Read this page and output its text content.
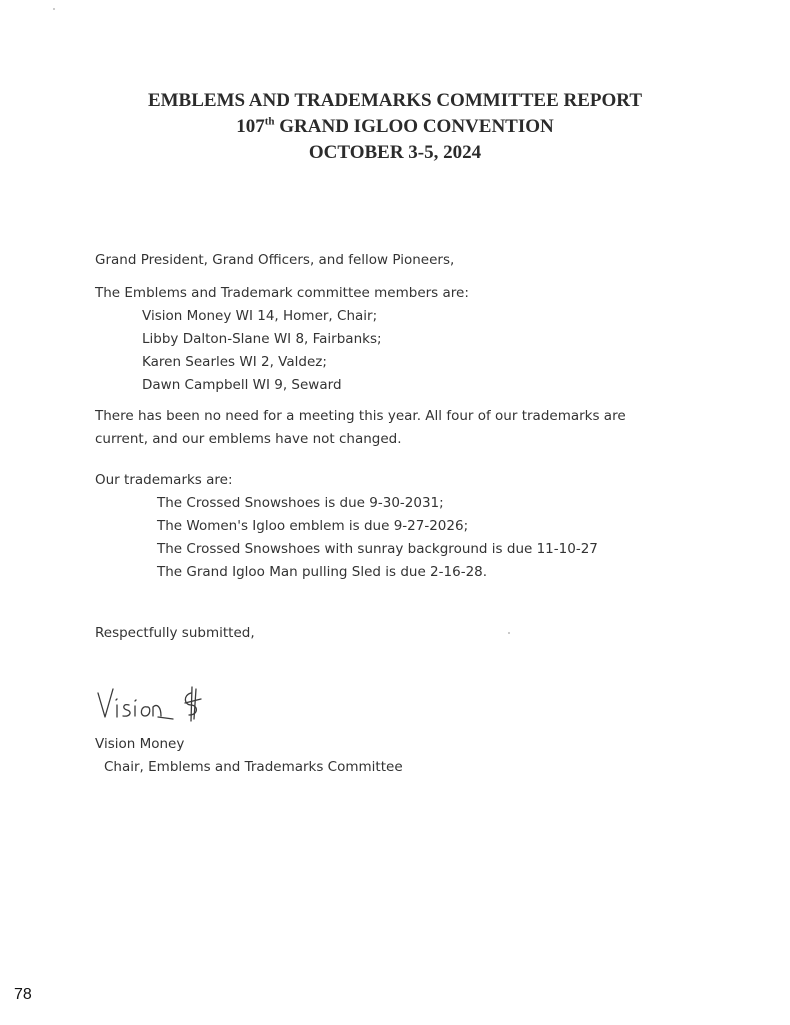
EMBLEMS AND TRADEMARKS COMMITTEE REPORT
107th GRAND IGLOO CONVENTION
OCTOBER 3-5, 2024

Grand President, Grand Officers, and fellow Pioneers,

The Emblems and Trademark committee members are:

Vision Money WI 14, Homer, Chair;

Libby Dalton-Slane WI 8, Fairbanks;

Karen Searles WI 2, Valdez;

Dawn Campbell WI 9, Seward

There has been no need for a meeting this year. All four of our trademarks are

current, and our emblems have not changed.

Our trademarks are:

The Crossed Snowshoes is due 9-30-2031;

The Women's Igloo emblem is due 9-27-2026;

The Crossed Snowshoes with sunray background is due 11-10-27

The Grand Igloo Man pulling Sled is due 2-16-28.

Respectfully submitted,

Vision Money
Chair, Emblems and Trademarks Committee
78
